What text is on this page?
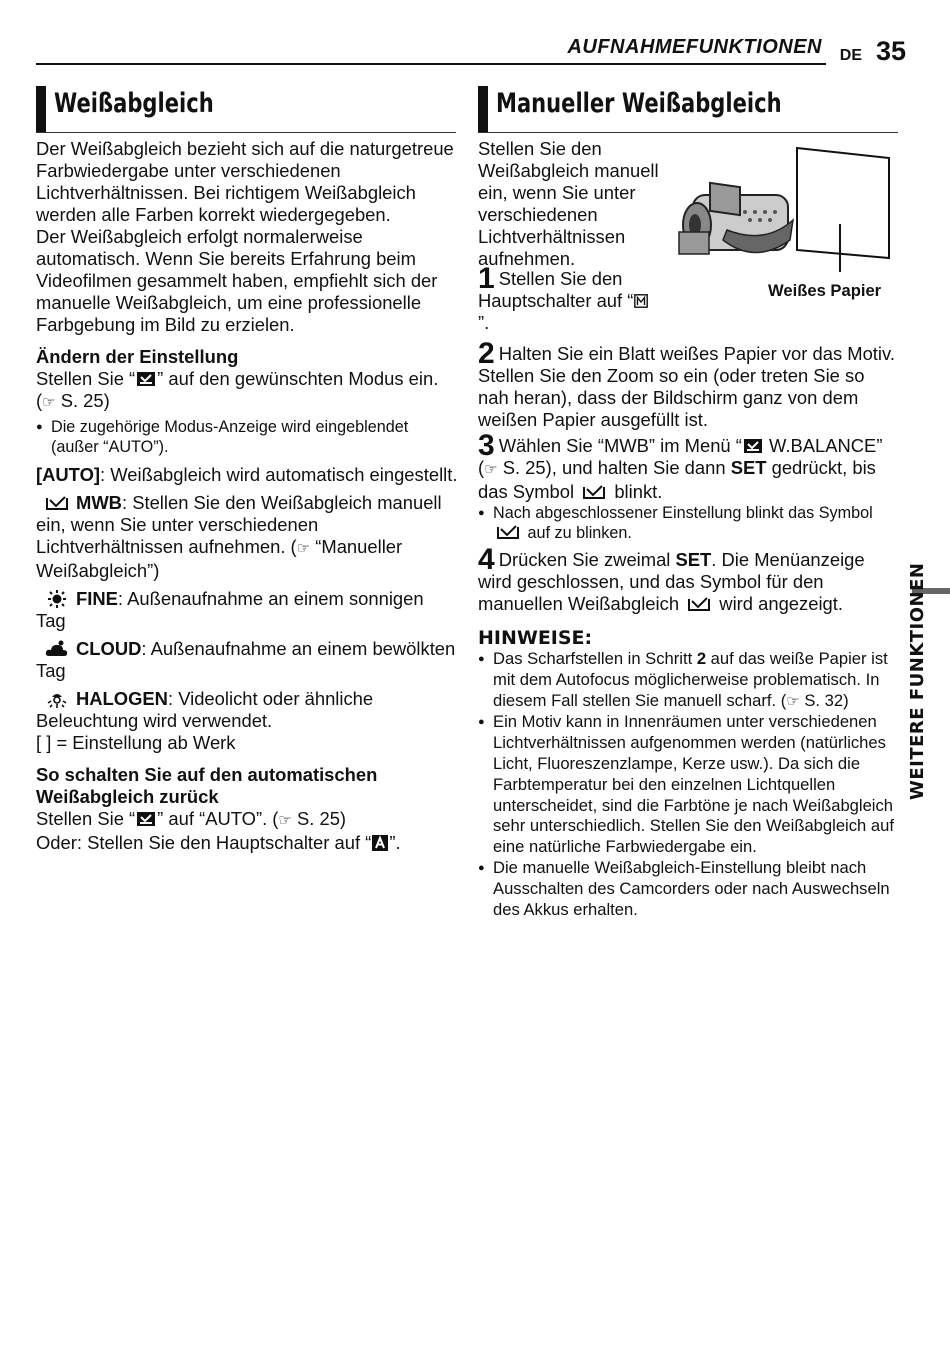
AUFNAHMEFUNKTIONEN DE 35
Weißabgleich	Manueller Weißabgleich

Der Weißabgleich bezieht sich auf die naturgetreue Farbwiedergabe unter verschiedenen Lichtverhältnissen. Bei richtigem Weißabgleich werden alle Farben korrekt wiedergegeben.

Der Weißabgleich erfolgt normalerweise automatisch. Wenn Sie bereits Erfahrung beim Videofilmen gesammelt haben, empfiehlt sich der manuelle Weißabgleich, um eine professionelle Farbgebung im Bild zu erzielen.

Ändern der Einstellung

Stellen Sie “ ” auf den gewünschten Modus ein. (☞ S. 25)

● Die zugehörige Modus-Anzeige wird eingeblendet (außer “AUTO”).

[AUTO]: Weißabgleich wird automatisch eingestellt.

MWB: Stellen Sie den Weißabgleich manuell ein, wenn Sie unter verschiedenen Lichtverhältnissen aufnehmen. (☞ “Manueller Weißabgleich”)

FINE: Außenaufnahme an einem sonnigen Tag

CLOUD: Außenaufnahme an einem bewölkten Tag

HALOGEN: Videolicht oder ähnliche Beleuchtung wird verwendet.

[ ] = Einstellung ab Werk

So schalten Sie auf den automatischen Weißabgleich zurück

Stellen Sie “ ” auf “AUTO”. (☞ S. 25)
Oder: Stellen Sie den Hauptschalter auf “ ”.

Weißes Papier

Stellen Sie den Weißabgleich manuell ein, wenn Sie unter verschiedenen Lichtverhältnissen aufnehmen.

1 Stellen Sie den Hauptschalter auf “”.

2 Halten Sie ein Blatt weißes Papier vor das Motiv. Stellen Sie den Zoom so ein (oder treten Sie so nah heran), dass der Bildschirm ganz von dem weißen Papier ausgefüllt ist.

3 Wählen Sie “MWB” im Menü “ W.BALANCE” (☞ S. 25), und halten Sie dann SET gedrückt, bis das Symbol  blinkt.

● Nach abgeschlossener Einstellung blinkt das Symbol  auf zu blinken.

4 Drücken Sie zweimal SET. Die Menüanzeige wird geschlossen, und das Symbol für den manuellen Weißabgleich  wird angezeigt.

HINWEISE:

● Das Scharfstellen in Schritt 2 auf das weiße Papier ist mit dem Autofocus möglicherweise problematisch. In diesem Fall stellen Sie manuell scharf. (☞ S. 32)

● Ein Motiv kann in Innenräumen unter verschiedenen Lichtverhältnissen aufgenommen werden (natürliches Licht, Fluoreszenzlampe, Kerze usw.). Da sich die Farbtemperatur bei den einzelnen Lichtquellen unterscheidet, sind die Farbtöne je nach Weißabgleich sehr unterschiedlich. Stellen Sie den Weißabgleich auf eine natürliche Farbwiedergabe ein.

● Die manuelle Weißabgleich-Einstellung bleibt nach Ausschalten des Camcorders oder nach Auswechseln des Akkus erhalten.

WEITERE FUNKTIONEN
